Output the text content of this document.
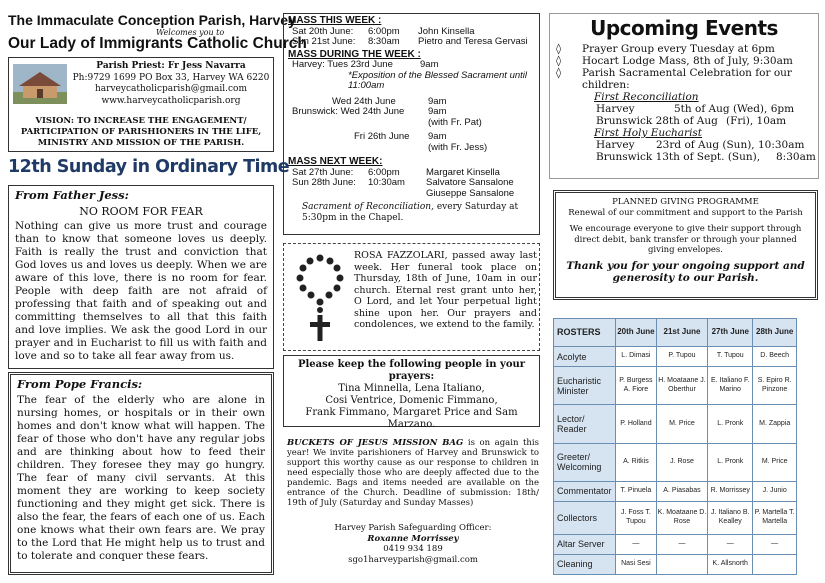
The Immaculate Conception Parish, Harvey
Welcomes you to
Our Lady of Immigrants Catholic Church
Parish Priest: Fr Jess Navarra
Ph:9729 1699 PO Box 33, Harvey WA 6220
harveycatholicparish@gmail.com
www.harveycatholicparish.org
VISION: TO INCREASE THE ENGAGEMENT/ PARTICIPATION OF PARISHIONERS IN THE LIFE, MINISTRY AND MISSION OF THE PARISH.
12th Sunday in Ordinary Time
From Father Jess:
NO ROOM FOR FEAR
Nothing can give us more trust and courage than to know that someone loves us deeply. Faith is really the trust and conviction that God loves us and loves us deeply. When we are aware of this love, there is no room for fear. People with deep faith are not afraid of professing that faith and of speaking out and committing themselves to all that this faith and love implies. We ask the good Lord in our prayer and in Eucharist to fill us with faith and love and so to take all fear away from us.
From Pope Francis:
The fear of the elderly who are alone in nursing homes, or hospitals or in their own homes and don't know what will happen. The fear of those who don't have any regular jobs and are thinking about how to feed their children. They foresee they may go hungry. The fear of many civil servants. At this moment they are working to keep society functioning and they might get sick. There is also the fear, the fears of each one of us. Each one knows what their own fears are. We pray to the Lord that He might help us to trust and to tolerate and conquer these fears.
MASS THIS WEEK :
Sat 20th June: 6:00pm John Kinsella
Sun 21st June: 8:30am Pietro and Teresa Gervasi
MASS DURING THE WEEK :
Harvey: Tues 23rd June	9am
*Exposition of the Blessed Sacrament until 11:00am
Wed 24th June	9am
Brunswick: Wed 24th June 9am
(with Fr. Pat)
Fri 26th June 9am
(with Fr. Jess)
MASS NEXT WEEK:
Sat 27th June: 6:00pm	Margaret Kinsella
Sun 28th June: 10:30am Salvatore Sansalone
Giuseppe Sansalone
Sacrament of Reconciliation, every Saturday at 5:30pm in the Chapel.
ROSA FAZZOLARI, passed away last week. Her funeral took place on Thursday, 18th of June, 10am in our church. Eternal rest grant unto her, O Lord, and let Your perpetual light shine upon her. Our prayers and condolences, we extend to the family.
Please keep the following people in your prayers:
Tina Minnella, Lena Italiano,
Cosi Ventrice, Domenic Fimmano,
Frank Fimmano, Margaret Price and Sam Marzano.
BUCKETS OF JESUS MISSION BAG is on again this year! We invite parishioners of Harvey and Brunswick to support this worthy cause as our response to children in need especially those who are deeply affected due to the pandemic. Bags and items needed are available on the entrance of the Church. Deadline of submission: 18th/ 19th of July (Saturday and Sunday Masses)
Harvey Parish Safeguarding Officer:
Roxanne Morrissey
0419 934 189
sgo1harveyparish@gmail.com
Upcoming Events
◊ Prayer Group every Tuesday at 6pm
◊ Hocart Lodge Mass, 8th of July, 9:30am
◊ Parish Sacramental Celebration for our children:
First Reconciliation
Harvey	5th of Aug (Wed), 6pm
Brunswick 28th of Aug (Fri), 10am
First Holy Eucharist
Harvey 23rd of Aug (Sun), 10:30am
Brunswick 13th of Sept. (Sun), 8:30am
PLANNED GIVING PROGRAMME
Renewal of our commitment and support to the Parish
We encourage everyone to give their support through direct debit, bank transfer or through your planned giving envelopes.
Thank you for your ongoing support and generosity to our Parish.
ROSTERS	20th June	21st June	27th June	28th June
Acolyte	L. Dimasi	P. Tupou	T. Tupou	D. Beech
Eucharistic Minister	P. Burgess A. Fiore	H. Moataane J. Oberthur	E. Italiano F. Marino	S. Epiro R. Pinzone
Lector/ Reader	P. Holland	M. Price	L. Pronk	M. Zappia
Greeter/ Welcoming	A. Ritkis	J. Rose	L. Pronk	M. Price
Commentator	T. Pinuela	A. Piasabas	R. Morrissey	J. Junio
Collectors	J. Foss T. Tupou	K. Moataane D. Rose	J. Italiano B. Kealley	P. Martella T. Martella
Altar Server	—	—	—	—
Cleaning	Nasi Sesi		K. Allsnorth	
